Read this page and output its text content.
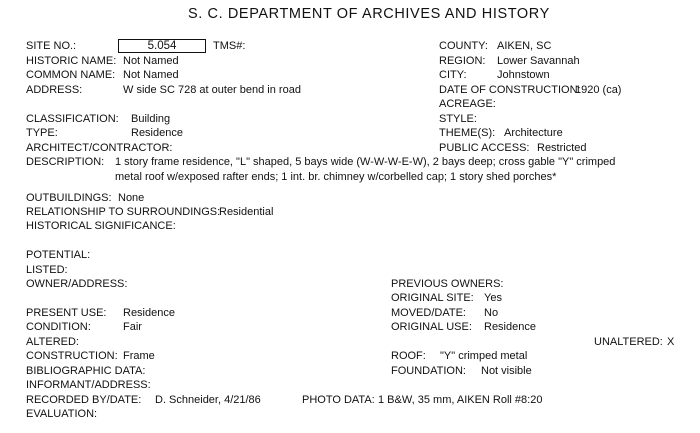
S. C. DEPARTMENT OF ARCHIVES AND HISTORY
SITE NO.:	5.054	TMS#:
HISTORIC NAME: Not Named
COMMON NAME: Not Named
ADDRESS:	W side SC 728 at outer bend in road
COUNTY: AIKEN, SC
REGION: Lower Savannah
CITY:	Johnstown
DATE OF CONSTRUCTION:
1920 (ca)
ACREAGE:
STYLE:
THEME(S): Architecture
PUBLIC ACCESS: Restricted
CLASSIFICATION: Building
TYPE:	Residence
ARCHITECT/CONTRACTOR:
DESCRIPTION: 1 story frame residence, "L" shaped, 5 bays wide (W-W-W-E-W), 2 bays deep; cross gable "Y" crimped
metal roof w/exposed rafter ends; 1 int. br. chimney w/corbelled cap; 1 story shed porches*
OUTBUILDINGS: None
RELATIONSHIP TO SURROUNDINGS:
Residential
HISTORICAL SIGNIFICANCE:
POTENTIAL:
LISTED:
OWNER/ADDRESS:	PREVIOUS OWNERS:
ORIGINAL SITE: Yes
PRESENT USE: Residence	MOVED/DATE: No
CONDITION:	Fair	ORIGINAL USE: Residence
ALTERED:	UNALTERED: X
CONSTRUCTION: Frame	ROOF: "Y" crimped metal
BIBLIOGRAPHIC DATA:	FOUNDATION: Not visible
INFORMANT/ADDRESS:
RECORDED BY/DATE: D. Schneider, 4/21/86	PHOTO DATA: 1 B&W, 35 mm, AIKEN Roll #8:20
EVALUATION:
